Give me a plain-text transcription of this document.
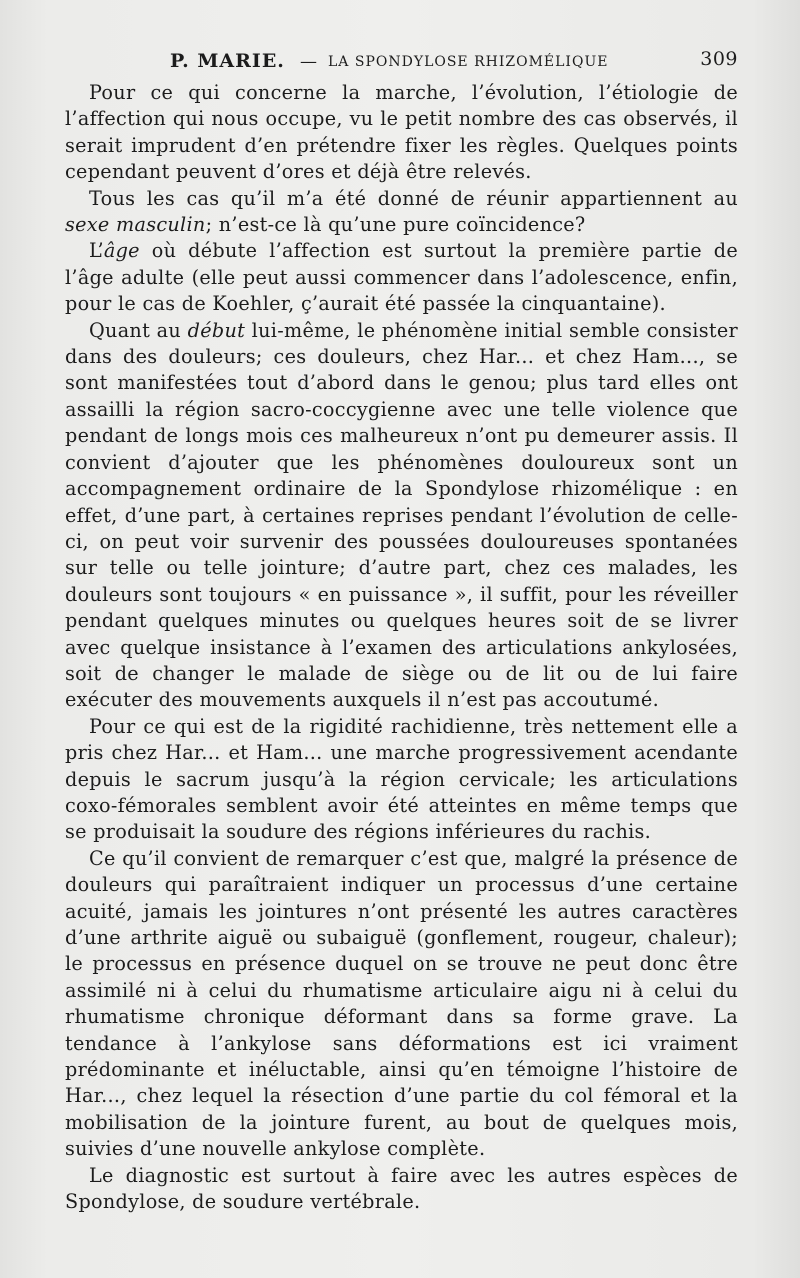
P. MARIE. — LA SPONDYLOSE RHIZOMÉLIQUE	309

Pour ce qui concerne la marche, l’évolution, l’étiologie de l’affection qui nous occupe, vu le petit nombre des cas observés, il serait imprudent d’en prétendre fixer les règles. Quelques points cependant peuvent d’ores et déjà être relevés.

Tous les cas qu’il m’a été donné de réunir appartiennent au sexe masculin; n’est-ce là qu’une pure coïncidence?

L’âge où débute l’affection est surtout la première partie de l’âge adulte (elle peut aussi commencer dans l’adolescence, enfin, pour le cas de Koehler, ç’aurait été passée la cinquantaine).

Quant au début lui-même, le phénomène initial semble consister dans des douleurs; ces douleurs, chez Har... et chez Ham..., se sont manifestées tout d’abord dans le genou; plus tard elles ont assailli la région sacro-coccygienne avec une telle violence que pendant de longs mois ces malheureux n’ont pu demeurer assis. Il convient d’ajouter que les phénomènes douloureux sont un accompagnement ordinaire de la Spondylose rhizomélique : en effet, d’une part, à certaines reprises pendant l’évolution de celle-ci, on peut voir survenir des poussées douloureuses spontanées sur telle ou telle jointure; d’autre part, chez ces malades, les douleurs sont toujours « en puissance », il suffit, pour les réveiller pendant quelques minutes ou quelques heures soit de se livrer avec quelque insistance à l’examen des articulations ankylosées, soit de changer le malade de siège ou de lit ou de lui faire exécuter des mouvements auxquels il n’est pas accoutumé.

Pour ce qui est de la rigidité rachidienne, très nettement elle a pris chez Har... et Ham... une marche progressivement acendante depuis le sacrum jusqu’à la région cervicale; les articulations coxo-fémorales semblent avoir été atteintes en même temps que se produisait la soudure des régions inférieures du rachis.

Ce qu’il convient de remarquer c’est que, malgré la présence de douleurs qui paraîtraient indiquer un processus d’une certaine acuité, jamais les jointures n’ont présenté les autres caractères d’une arthrite aiguë ou subaiguë (gonflement, rougeur, chaleur); le processus en présence duquel on se trouve ne peut donc être assimilé ni à celui du rhumatisme articulaire aigu ni à celui du rhumatisme chronique déformant dans sa forme grave. La tendance à l’ankylose sans déformations est ici vraiment prédominante et inéluctable, ainsi qu’en témoigne l’histoire de Har..., chez lequel la résection d’une partie du col fémoral et la mobilisation de la jointure furent, au bout de quelques mois, suivies d’une nouvelle ankylose complète.

Le diagnostic est surtout à faire avec les autres espèces de Spondylose, de soudure vertébrale.
